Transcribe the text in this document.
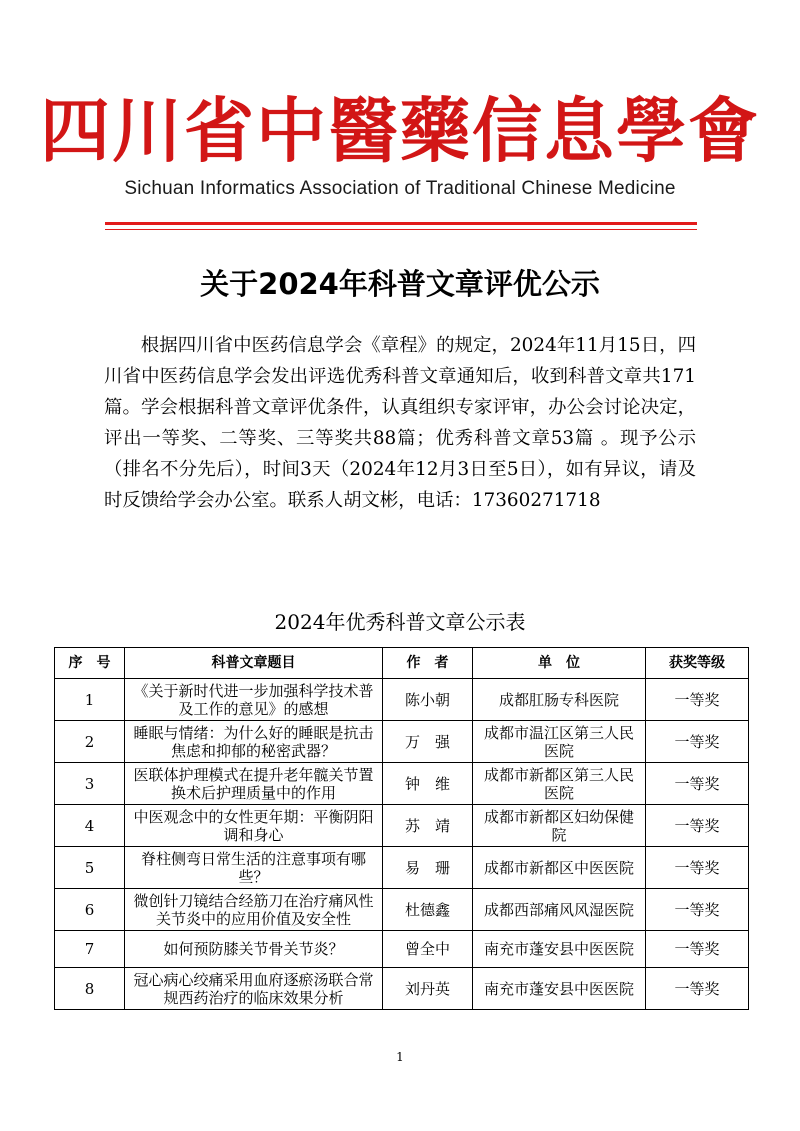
四川省中醫藥信息學會
Sichuan Informatics Association of Traditional Chinese Medicine
关于2024年科普文章评优公示

根据四川省中医药信息学会《章程》的规定，2024年11月15日，四川省中医药信息学会发出评选优秀科普文章通知后，收到科普文章共171篇。学会根据科普文章评优条件，认真组织专家评审，办公会讨论决定，评出一等奖、二等奖、三等奖共88篇；优秀科普文章53篇 。现予公示（排名不分先后），时间3天（2024年12月3日至5日），如有异议，请及时反馈给学会办公室。联系人胡文彬，电话：17360271718

2024年优秀科普文章公示表
序　号	科普文章题目	作　者	单　位	获奖等级
1	《关于新时代进一步加强科学技术普及工作的意见》的感想	陈小朝	成都肛肠专科医院	一等奖
2	睡眠与情绪：为什么好的睡眠是抗击焦虑和抑郁的秘密武器？	万　强	成都市温江区第三人民医院	一等奖
3	医联体护理模式在提升老年髋关节置换术后护理质量中的作用	钟　维	成都市新都区第三人民医院	一等奖
4	中医观念中的女性更年期：平衡阴阳调和身心	苏　靖	成都市新都区妇幼保健院	一等奖
5	脊柱侧弯日常生活的注意事项有哪些？	易　珊	成都市新都区中医医院	一等奖
6	微创针刀镜结合经筋刀在治疗痛风性关节炎中的应用价值及安全性	杜德鑫	成都西部痛风风湿医院	一等奖
7	如何预防膝关节骨关节炎？	曾全中	南充市蓬安县中医医院	一等奖
8	冠心病心绞痛采用血府逐瘀汤联合常规西药治疗的临床效果分析	刘丹英	南充市蓬安县中医医院	一等奖
1
